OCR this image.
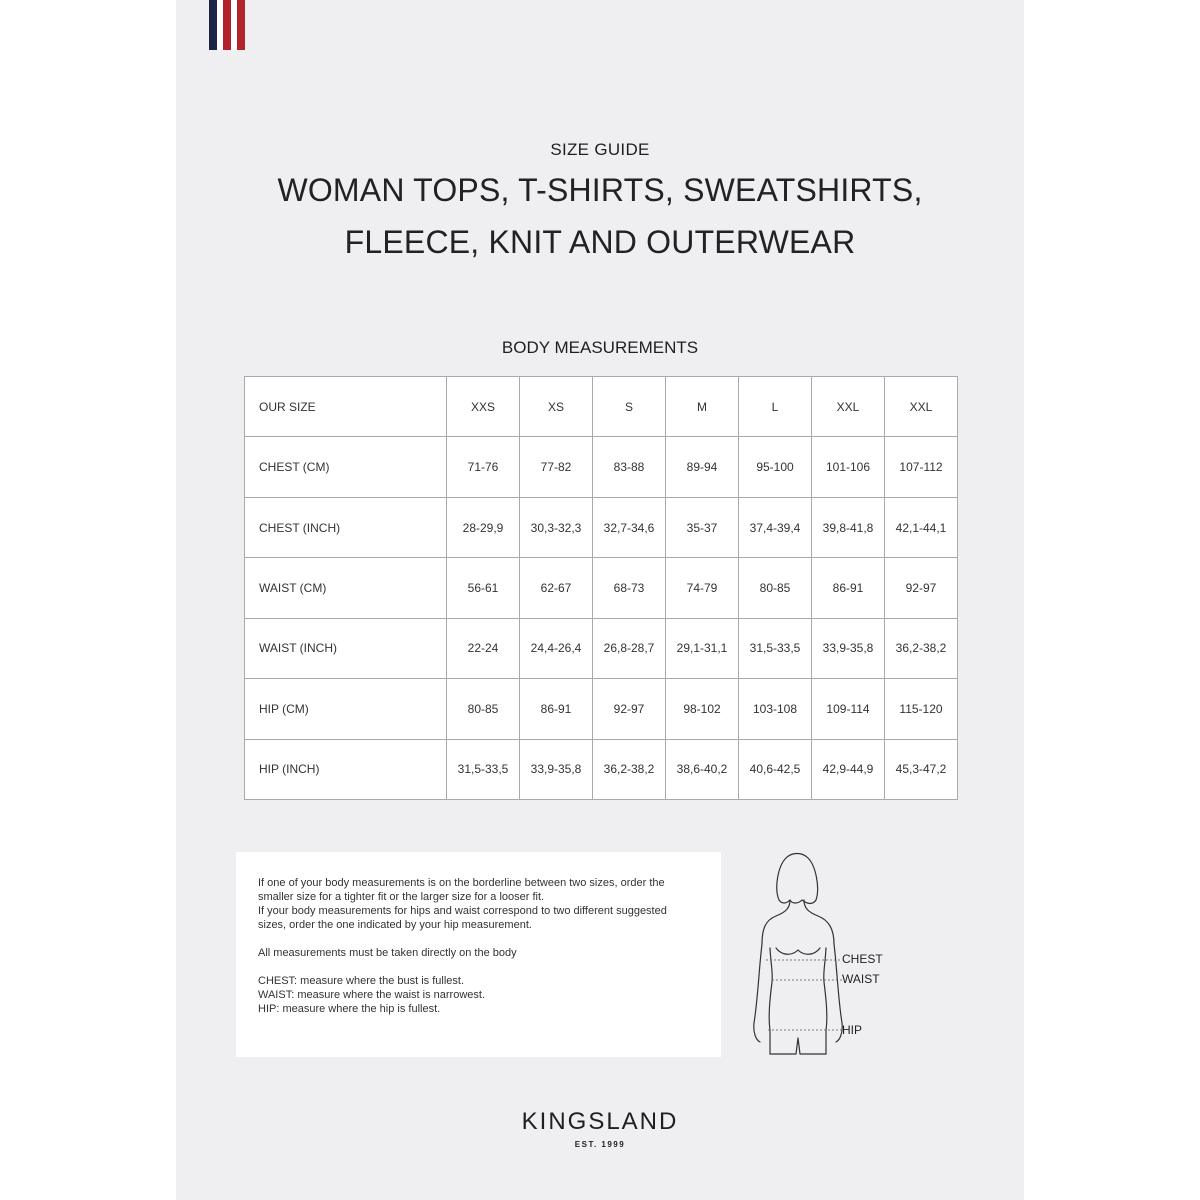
SIZE GUIDE
WOMAN TOPS, T-SHIRTS, SWEATSHIRTS,
FLEECE, KNIT AND OUTERWEAR
BODY MEASUREMENTS
OUR SIZE	XXS	XS	S	M	L	XXL	XXL
CHEST (CM)	71-76	77-82	83-88	89-94	95-100	101-106	107-112
CHEST (INCH)	28-29,9	30,3-32,3	32,7-34,6	35-37	37,4-39,4	39,8-41,8	42,1-44,1
WAIST (CM)	56-61	62-67	68-73	74-79	80-85	86-91	92-97
WAIST (INCH)	22-24	24,4-26,4	26,8-28,7	29,1-31,1	31,5-33,5	33,9-35,8	36,2-38,2
HIP (CM)	80-85	86-91	92-97	98-102	103-108	109-114	115-120
HIP (INCH)	31,5-33,5	33,9-35,8	36,2-38,2	38,6-40,2	40,6-42,5	42,9-44,9	45,3-47,2

If one of your body measurements is on the borderline between two sizes, order the
smaller size for a tighter fit or the larger size for a looser fit.
If your body measurements for hips and waist correspond to two different suggested
sizes, order the one indicated by your hip measurement.

All measurements must be taken directly on the body

CHEST: measure where the bust is fullest.
WAIST: measure where the waist is narrowest.
HIP: measure where the hip is fullest.

CHEST
WAIST
HIP
KINGSLAND
EST. 1999
